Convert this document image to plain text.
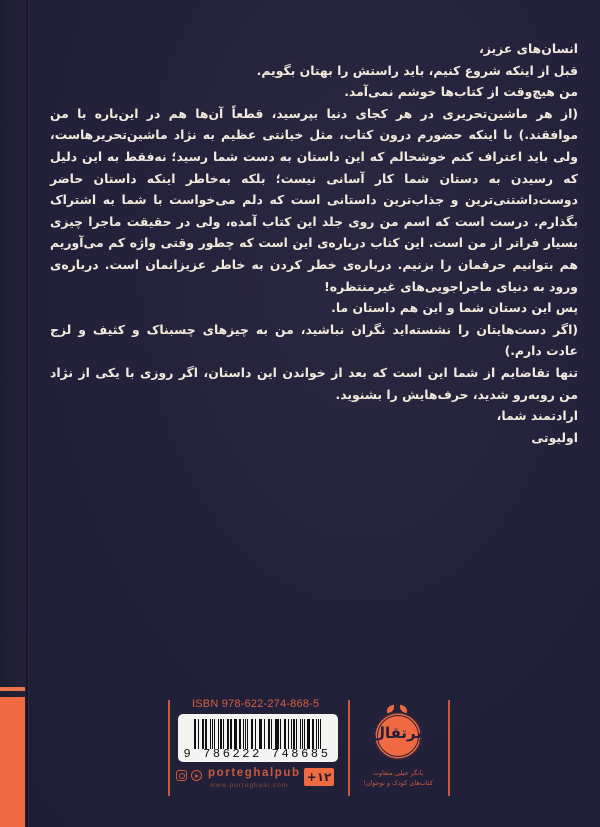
انسان‌های عزیز،

قبل از اینکه شروع کنیم، باید راستش را بهتان بگویم.

من هیچ‌وقت از کتاب‌ها خوشم نمی‌آمد.

(از هر ماشین‌تحریری در هر کجای دنیا بپرسید، قطعاً آن‌ها هم در این‌باره با من موافقند.) با اینکه حضورم درون کتاب، مثل خیانتی عظیم به نژاد ماشین‌تحریرهاست، ولی باید اعتراف کنم خوشحالم که این داستان به دست شما رسید؛ نه‌فقط به این دلیل که رسیدن به دستان شما کار آسانی نیست؛ بلکه به‌خاطر اینکه داستان حاضر دوست‌داشتنی‌ترین و جذاب‌ترین داستانی است که دلم می‌خواست با شما به اشتراک بگذارم. درست است که اسم من روی جلد این کتاب آمده، ولی در حقیقت ماجرا چیزی بسیار فراتر از من است. این کتاب درباره‌ی این است که چطور وقتی واژه کم می‌آوریم هم بتوانیم حرفمان را بزنیم. درباره‌ی خطر کردن به خاطر عزیزانمان است. درباره‌ی ورود به دنیای ماجراجویی‌های غیرمنتظره!

پس این دستان شما و این هم داستان ما.

(اگر دست‌هایتان را نشسته‌اید نگران نباشید، من به چیزهای چسبناک و کثیف و لزج عادت دارم.)

تنها تقاضایم از شما این است که بعد از خواندن این داستان، اگر روزی با یکی از نژاد من روبه‌رو شدید، حرف‌هایش را بشنوید.

ارادتمند شما،

اولیوتی

ISBN 978-622-274-868-5
9 786222 748685
porteghalpub
www.porteghaal.com
+۱۲
پرتقال!
بانگر خیلی متفاوت
کتاب‌های کودک و نوجوان!
